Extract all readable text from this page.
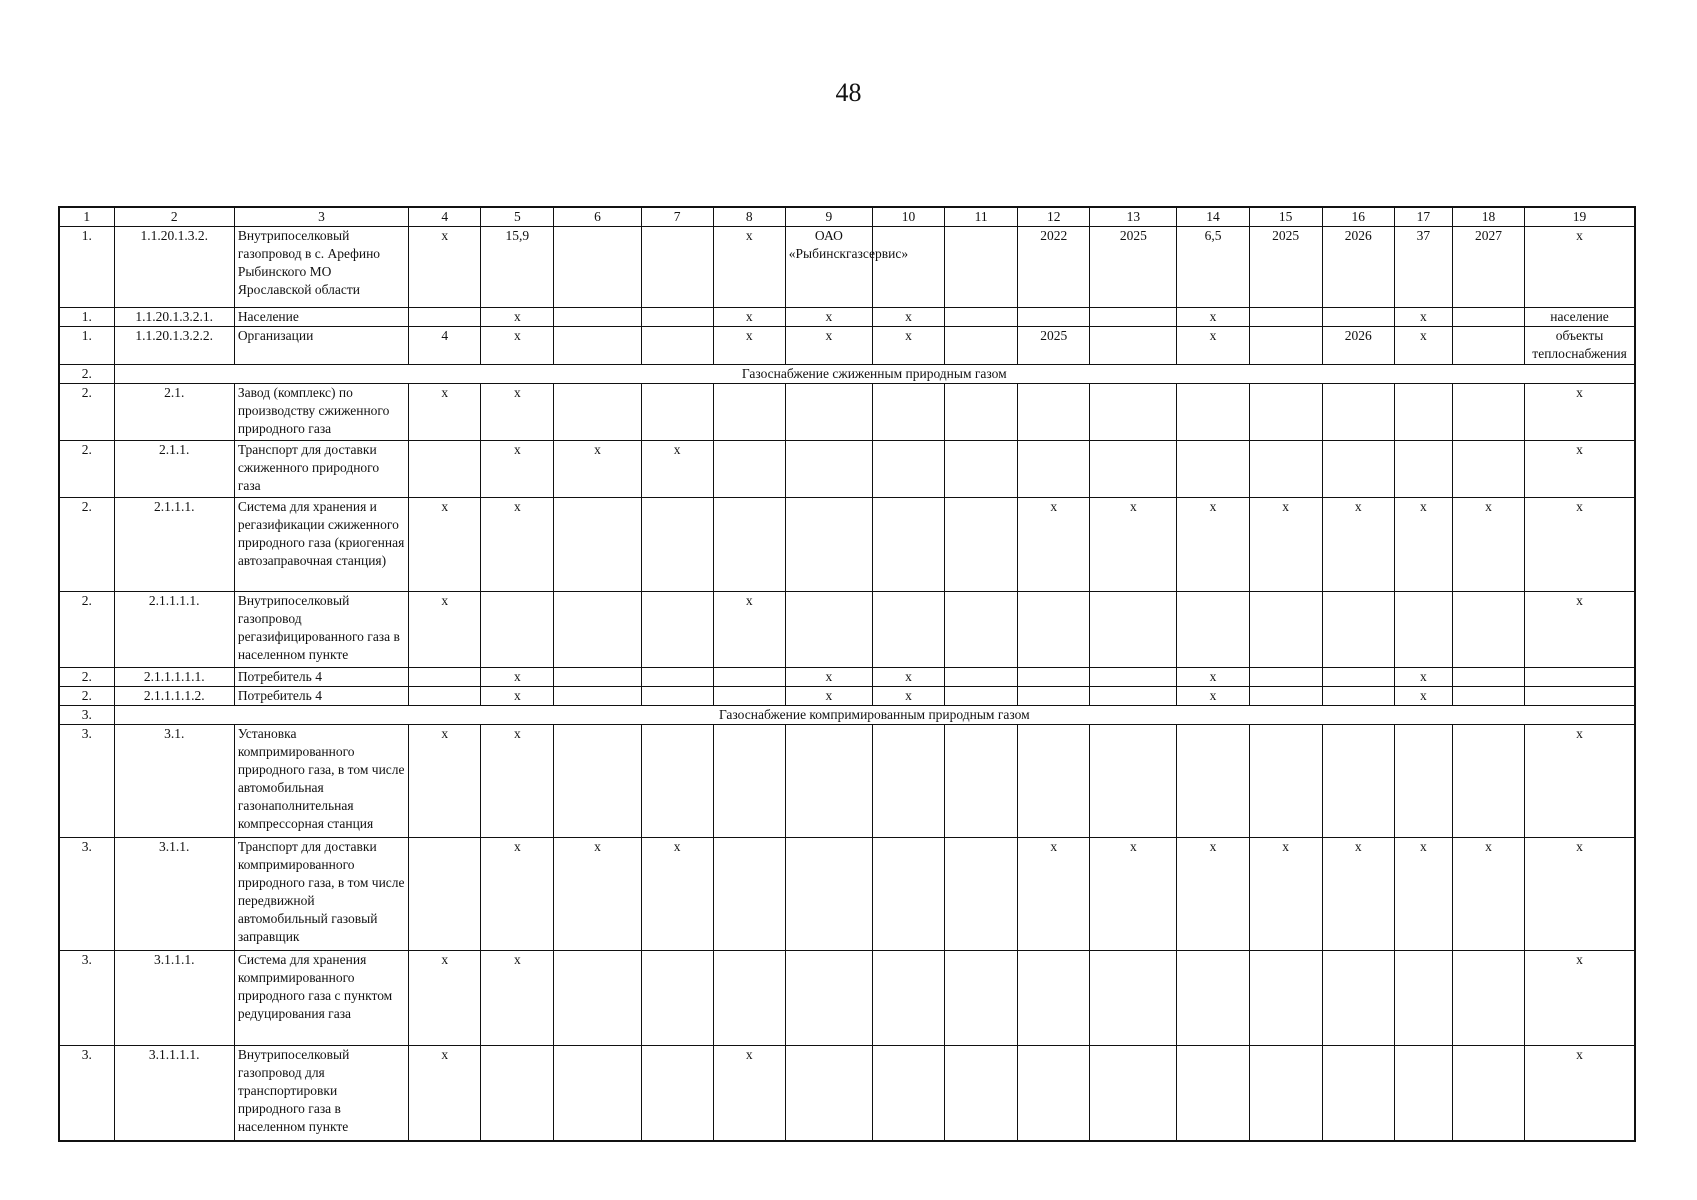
48
1	2	3	4	5	6	7	8	9	10	11	12	13	14	15	16	17	18	19
1.	1.1.20.1.3.2.	Внутрипоселковый газопровод в с. Арефино Рыбинского МО Ярославской области	x	15,9			x	ОАО «Рыбинскгазсервис»			2022	2025	6,5	2025	2026	37	2027	x
1.	1.1.20.1.3.2.1.	Население		x			x	x	x				x			x		население
1.	1.1.20.1.3.2.2.	Организации	4	x			x	x	x		2025		x		2026	x		объекты теплоснабжения
2.	Газоснабжение сжиженным природным газом																	
2.	2.1.	Завод (комплекс) по производству сжиженного природного газа	x	x														x
2.	2.1.1.	Транспорт для доставки сжиженного природного газа		x	x	x												x
2.	2.1.1.1.	Система для хранения и регазификации сжиженного природного газа (криогенная автозаправочная станция)	x	x							x	x	x	x	x	x	x	x
2.	2.1.1.1.1.	Внутрипоселковый газопровод регазифицированного газа в населенном пункте	x				x											x
2.	2.1.1.1.1.1.	Потребитель 4		x				x	x				x			x		
2.	2.1.1.1.1.2.	Потребитель 4		x				x	x				x			x		
3.	Газоснабжение компримированным природным газом																	
3.	3.1.	Установка компримированного природного газа, в том числе автомобильная газонаполнительная компрессорная станция	x	x														x
3.	3.1.1.	Транспорт для доставки компримированного природного газа, в том числе передвижной автомобильный газовый заправщик		x	x	x					x	x	x	x	x	x	x	x
3.	3.1.1.1.	Система для хранения компримированного природного газа с пунктом редуцирования газа	x	x														x
3.	3.1.1.1.1.	Внутрипоселковый газопровод для транспортировки природного газа в населенном пункте	x				x											x
